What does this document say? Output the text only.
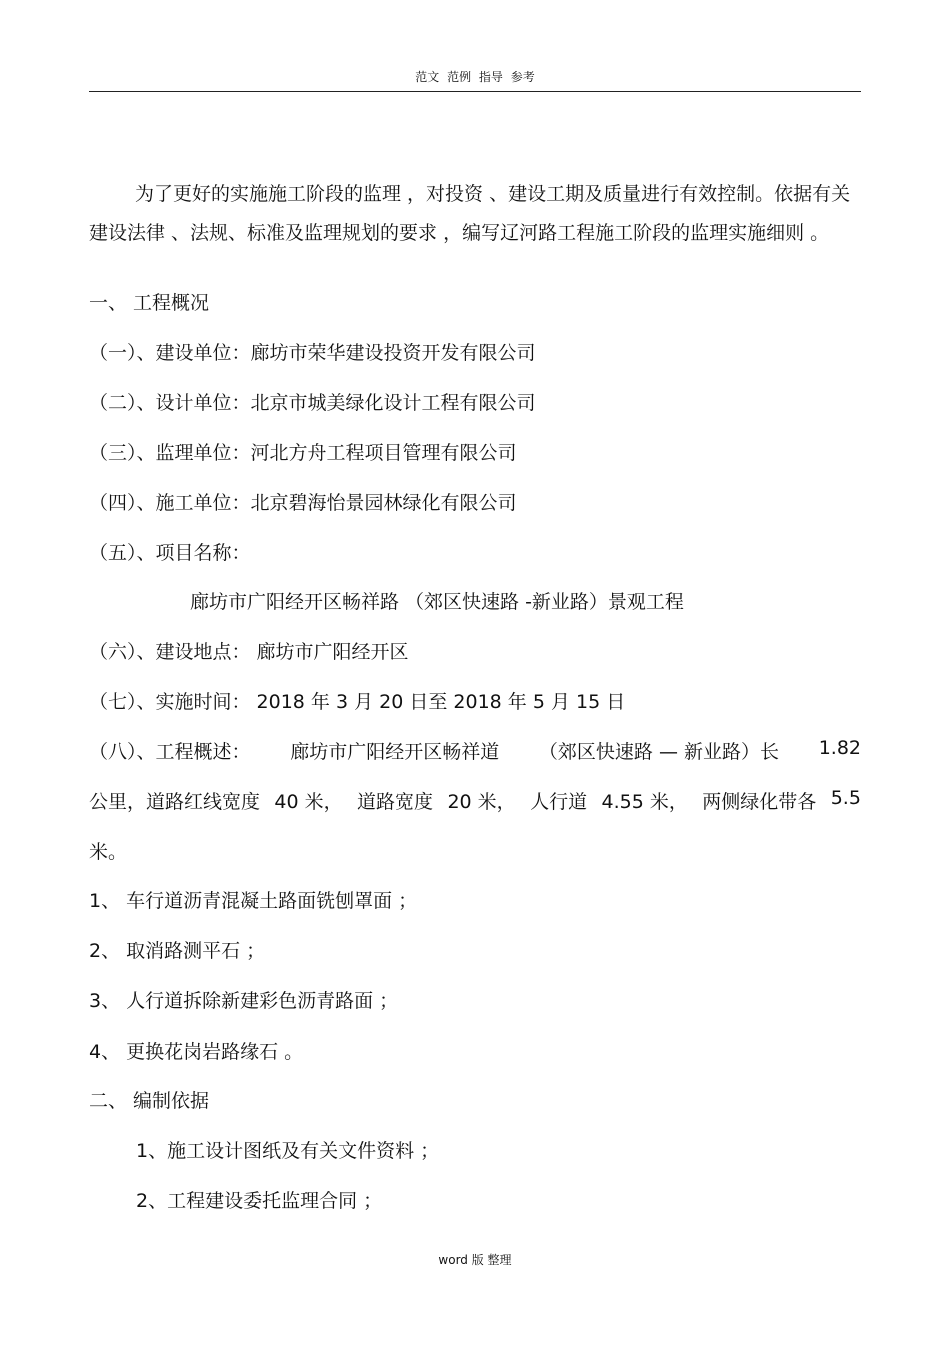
范文 范例 指导 参考
为了更好的实施施工阶段的监理 ，对投资 、建设工期及质量进行有效控制。依据有关建设法律 、法规、标准及监理规划的要求 ，编写辽河路工程施工阶段的监理实施细则 。
一、 工程概况
（一）、建设单位：廊坊市荣华建设投资开发有限公司
（二）、设计单位：北京市城美绿化设计工程有限公司
（三）、监理单位：河北方舟工程项目管理有限公司
（四）、施工单位：北京碧海怡景园林绿化有限公司
（五）、项目名称：
廊坊市广阳经开区畅祥路 （郊区快速路 -新业路）景观工程
（六）、建设地点： 廊坊市广阳经开区
（七）、实施时间： 2018 年 3 月 20 日至 2018 年 5 月 15 日
（八）、工程概述： 廊坊市广阳经开区畅祥道 （郊区快速路 — 新业路）长 1.82
公里，道路红线宽度 40 米， 道路宽度 20 米， 人行道 4.55 米， 两侧绿化带各 5.5
米。
1、 车行道沥青混凝土路面铣刨罩面 ；
2、 取消路测平石 ；
3、 人行道拆除新建彩色沥青路面 ；
4、 更换花岗岩路缘石 。
二、 编制依据
1、施工设计图纸及有关文件资料 ；
2、工程建设委托监理合同 ；
word 版 整理
